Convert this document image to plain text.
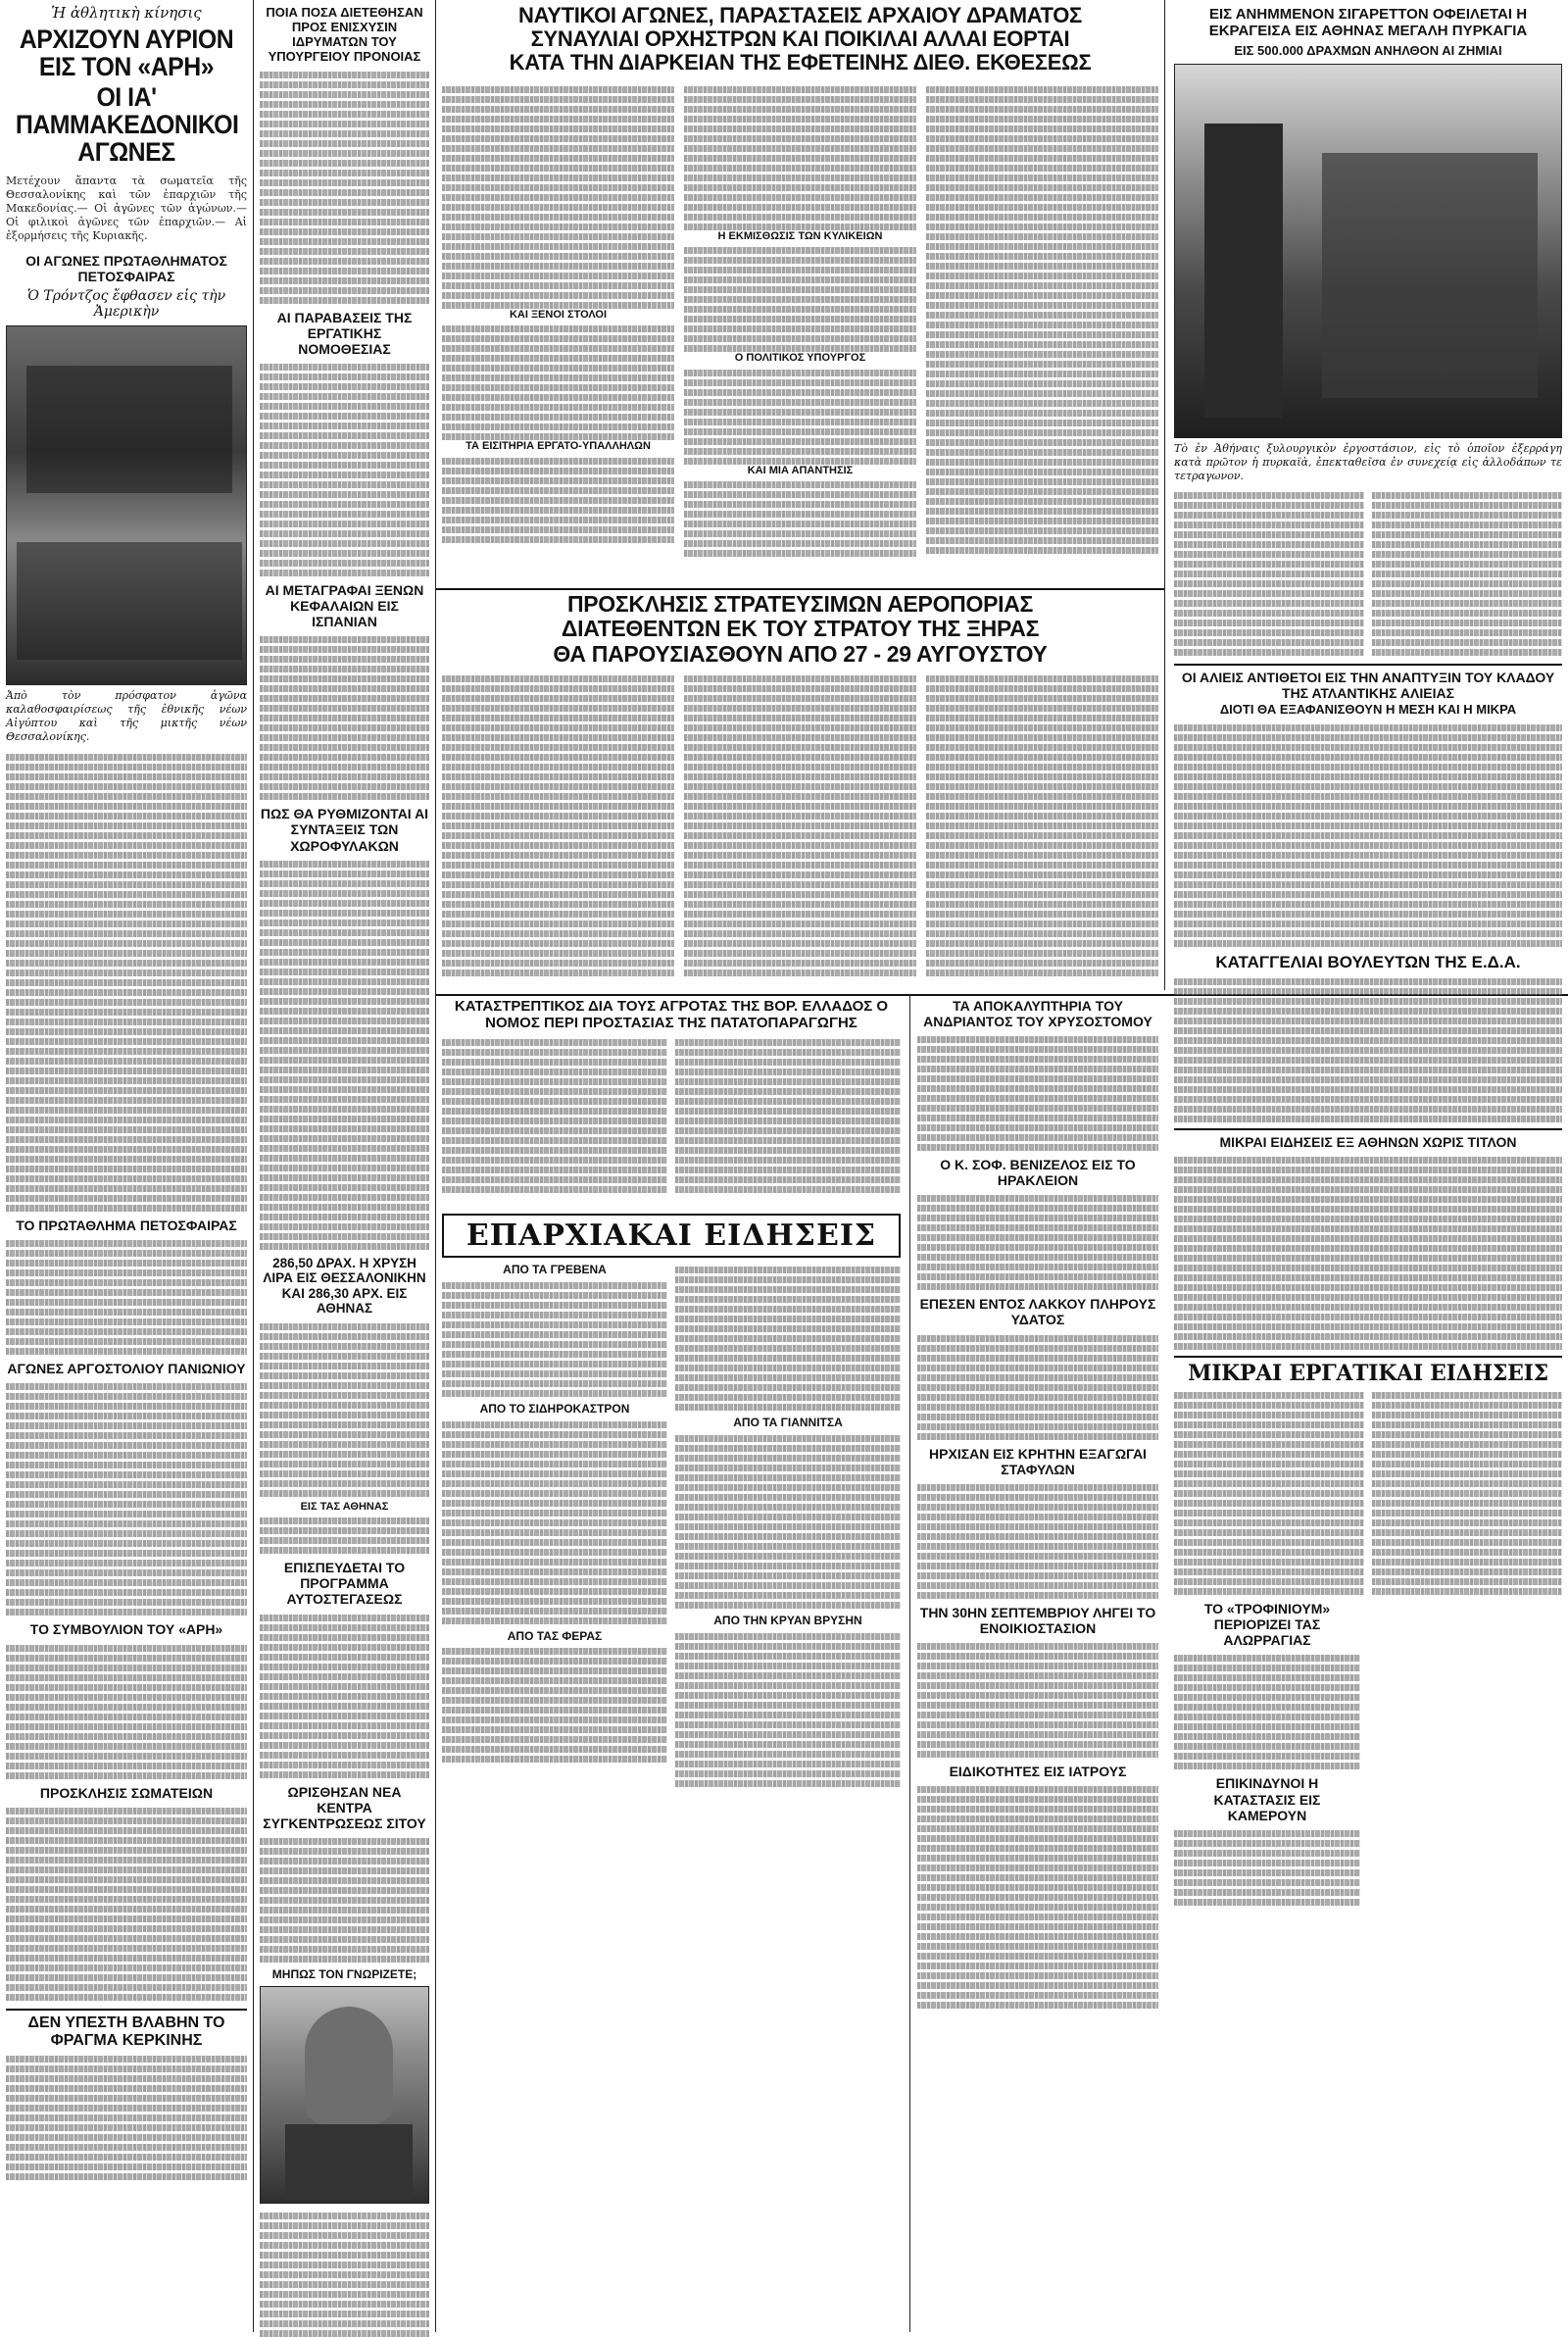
Ἡ ἀθλητικὴ κίνησις
ΑΡΧΙΖΟΥΝ ΑΥΡΙΟΝ ΕΙΣ ΤΟΝ «ΑΡΗ»
ΟΙ ΙΑ' ΠΑΜΜΑΚΕΔΟΝΙΚΟΙ ΑΓΩΝΕΣ
Μετέχουν ἅπαντα τὰ σωματεῖα τῆς Θεσσαλονίκης καὶ τῶν ἐπαρχιῶν τῆς Μακεδονίας.— Οἱ ἀγῶνες τῶν ἀγώνων.— Οἱ φιλικοὶ ἀγῶνες τῶν ἐπαρχιῶν.— Αἱ ἐξορμήσεις τῆς Κυριακῆς.
ΟΙ ΑΓΩΝΕΣ ΠΡΩΤΑΘΛΗΜΑΤΟΣ ΠΕΤΟΣΦΑΙΡΑΣ
Ὁ Τρόντζος ἔφθασεν εἰς τὴν Ἀμερικὴν
Ἀπὸ τὸν πρόσφατον ἀγῶνα καλαθοσφαιρίσεως τῆς ἐθνικῆς νέων Αἰγύπτου καὶ τῆς μικτῆς νέων Θεσσαλονίκης.
ΤΟ ΠΡΩΤΑΘΛΗΜΑ ΠΕΤΟΣΦΑΙΡΑΣ
ΑΓΩΝΕΣ ΑΡΓΟΣΤΟΛΙΟΥ ΠΑΝΙΩΝΙΟΥ
ΤΟ ΣΥΜΒΟΥΛΙΟΝ ΤΟΥ «ΑΡΗ»
ΠΡΟΣΚΛΗΣΙΣ ΣΩΜΑΤΕΙΩΝ
ΔΕΝ ΥΠΕΣΤΗ ΒΛΑΒΗΝ ΤΟ ΦΡΑΓΜΑ ΚΕΡΚΙΝΗΣ
ΠΟΙΑ ΠΟΣΑ ΔΙΕΤΕΘΗΣΑΝ ΠΡΟΣ ΕΝΙΣΧΥΣΙΝ ΙΔΡΥΜΑΤΩΝ ΤΟΥ ΥΠΟΥΡΓΕΙΟΥ ΠΡΟΝΟΙΑΣ
ΑΙ ΠΑΡΑΒΑΣΕΙΣ ΤΗΣ ΕΡΓΑΤΙΚΗΣ ΝΟΜΟΘΕΣΙΑΣ
ΑΙ ΜΕΤΑΓΡΑΦΑΙ ΞΕΝΩΝ ΚΕΦΑΛΑΙΩΝ ΕΙΣ ΙΣΠΑΝΙΑΝ
ΠΩΣ ΘΑ ΡΥΘΜΙΖΟΝΤΑΙ ΑΙ ΣΥΝΤΑΞΕΙΣ ΤΩΝ ΧΩΡΟΦΥΛΑΚΩΝ
286,50 ΔΡΑΧ. Η ΧΡΥΣΗ ΛΙΡΑ ΕΙΣ ΘΕΣΣΑΛΟΝΙΚΗΝ ΚΑΙ 286,30 ΑΡΧ. ΕΙΣ ΑΘΗΝΑΣ
ΕΙΣ ΤΑΣ ΑΘΗΝΑΣ
ΕΠΙΣΠΕΥΔΕΤΑΙ ΤΟ ΠΡΟΓΡΑΜΜΑ ΑΥΤΟΣΤΕΓΑΣΕΩΣ
ΩΡΙΣΘΗΣΑΝ ΝΕΑ ΚΕΝΤΡΑ ΣΥΓΚΕΝΤΡΩΣΕΩΣ ΣΙΤΟΥ
ΜΗΠΩΣ ΤΟΝ ΓΝΩΡΙΖΕΤΕ;
ΝΑΥΤΙΚΟΙ ΑΓΩΝΕΣ, ΠΑΡΑΣΤΑΣΕΙΣ ΑΡΧΑΙΟΥ ΔΡΑΜΑΤΟΣ
ΣΥΝΑΥΛΙΑΙ ΟΡΧΗΣΤΡΩΝ ΚΑΙ ΠΟΙΚΙΛΑΙ ΑΛΛΑΙ ΕΟΡΤΑΙ
ΚΑΤΑ ΤΗΝ ΔΙΑΡΚΕΙΑΝ ΤΗΣ ΕΦΕΤΕΙΝΗΣ ΔΙΕΘ. ΕΚΘΕΣΕΩΣ
ΚΑΙ ΞΕΝΟΙ ΣΤΟΛΟΙ
ΤΑ ΕΙΣΙΤΗΡΙΑ ΕΡΓΑΤΟ-ΥΠΑΛΛΗΛΩΝ
Η ΕΚΜΙΣΘΩΣΙΣ ΤΩΝ ΚΥΛΙΚΕΙΩΝ
Ο ΠΟΛΙΤΙΚΟΣ ΥΠΟΥΡΓΟΣ
ΚΑΙ ΜΙΑ ΑΠΑΝΤΗΣΙΣ
ΠΡΟΣΚΛΗΣΙΣ ΣΤΡΑΤΕΥΣΙΜΩΝ ΑΕΡΟΠΟΡΙΑΣ
ΔΙΑΤΕΘΕΝΤΩΝ ΕΚ ΤΟΥ ΣΤΡΑΤΟΥ ΤΗΣ ΞΗΡΑΣ
ΘΑ ΠΑΡΟΥΣΙΑΣΘΟΥΝ ΑΠΟ 27 - 29 ΑΥΓΟΥΣΤΟΥ
ΚΑΤΑΣΤΡΕΠΤΙΚΟΣ ΔΙΑ ΤΟΥΣ ΑΓΡΟΤΑΣ ΤΗΣ ΒΟΡ. ΕΛΛΑΔΟΣ Ο ΝΟΜΟΣ ΠΕΡΙ ΠΡΟΣΤΑΣΙΑΣ ΤΗΣ ΠΑΤΑΤΟΠΑΡΑΓΩΓΗΣ
ΕΠΑΡΧΙΑΚΑΙ ΕΙΔΗΣΕΙΣ
ΑΠΟ ΤΑ ΓΡΕΒΕΝΑ
ΑΠΟ ΤΟ ΣΙΔΗΡΟΚΑΣΤΡΟΝ
ΑΠΟ ΤΑΣ ΦΕΡΑΣ
ΑΠΟ ΤΑ ΓΙΑΝΝΙΤΣΑ
ΑΠΟ ΤΗΝ ΚΡΥΑΝ ΒΡΥΣΗΝ
ΤΑ ΑΠΟΚΑΛΥΠΤΗΡΙΑ ΤΟΥ ΑΝΔΡΙΑΝΤΟΣ ΤΟΥ ΧΡΥΣΟΣΤΟΜΟΥ
Ο Κ. ΣΟΦ. ΒΕΝΙΖΕΛΟΣ ΕΙΣ ΤΟ ΗΡΑΚΛΕΙΟΝ
ΕΠΕΣΕΝ ΕΝΤΟΣ ΛΑΚΚΟΥ ΠΛΗΡΟΥΣ ΥΔΑΤΟΣ
ΗΡΧΙΣΑΝ ΕΙΣ ΚΡΗΤΗΝ ΕΞΑΓΩΓΑΙ ΣΤΑΦΥΛΩΝ
ΤΗΝ 30ΗΝ ΣΕΠΤΕΜΒΡΙΟΥ ΛΗΓΕΙ ΤΟ ΕΝΟΙΚΙΟΣΤΑΣΙΟΝ
ΕΙΔΙΚΟΤΗΤΕΣ ΕΙΣ ΙΑΤΡΟΥΣ
ΕΙΣ ΑΝΗΜΜΕΝΟΝ ΣΙΓΑΡΕΤΤΟΝ ΟΦΕΙΛΕΤΑΙ Η ΕΚΡΑΓΕΙΣΑ ΕΙΣ ΑΘΗΝΑΣ ΜΕΓΑΛΗ ΠΥΡΚΑΓΙΑ
ΕΙΣ 500.000 ΔΡΑΧΜΩΝ ΑΝΗΛΘΟΝ ΑΙ ΖΗΜΙΑΙ
Τὸ ἐν Ἀθήναις ξυλουργικὸν ἐργοστάσιον, εἰς τὸ ὁποῖον ἐξερράγη κατὰ πρῶτον ἡ πυρκαϊὰ, ἐπεκταθεῖσα ἐν συνεχείᾳ εἰς ἀλλοδάπων τε τετραγωνον.
ΟΙ ΑΛΙΕΙΣ ΑΝΤΙΘΕΤΟΙ ΕΙΣ ΤΗΝ ΑΝΑΠΤΥΞΙΝ ΤΟΥ ΚΛΑΔΟΥ ΤΗΣ ΑΤΛΑΝΤΙΚΗΣ ΑΛΙΕΙΑΣ
ΔΙΟΤΙ ΘΑ ΕΞΑΦΑΝΙΣΘΟΥΝ Η ΜΕΣΗ ΚΑΙ Η ΜΙΚΡΑ
ΚΑΤΑΓΓΕΛΙΑΙ ΒΟΥΛΕΥΤΩΝ ΤΗΣ Ε.Δ.Α.
ΜΙΚΡΑΙ ΕΙΔΗΣΕΙΣ ΕΞ ΑΘΗΝΩΝ ΧΩΡΙΣ ΤΙΤΛΟΝ
ΜΙΚΡΑΙ ΕΡΓΑΤΙΚΑΙ ΕΙΔΗΣΕΙΣ
ΤΟ «ΤΡΟΦΙΝΙΟΥΜ» ΠΕΡΙΟΡΙΖΕΙ ΤΑΣ ΑΛΩΡΡΑΓΙΑΣ
ΕΠΙΚΙΝΔΥΝΟΙ Η ΚΑΤΑΣΤΑΣΙΣ ΕΙΣ ΚΑΜΕΡΟΥΝ
